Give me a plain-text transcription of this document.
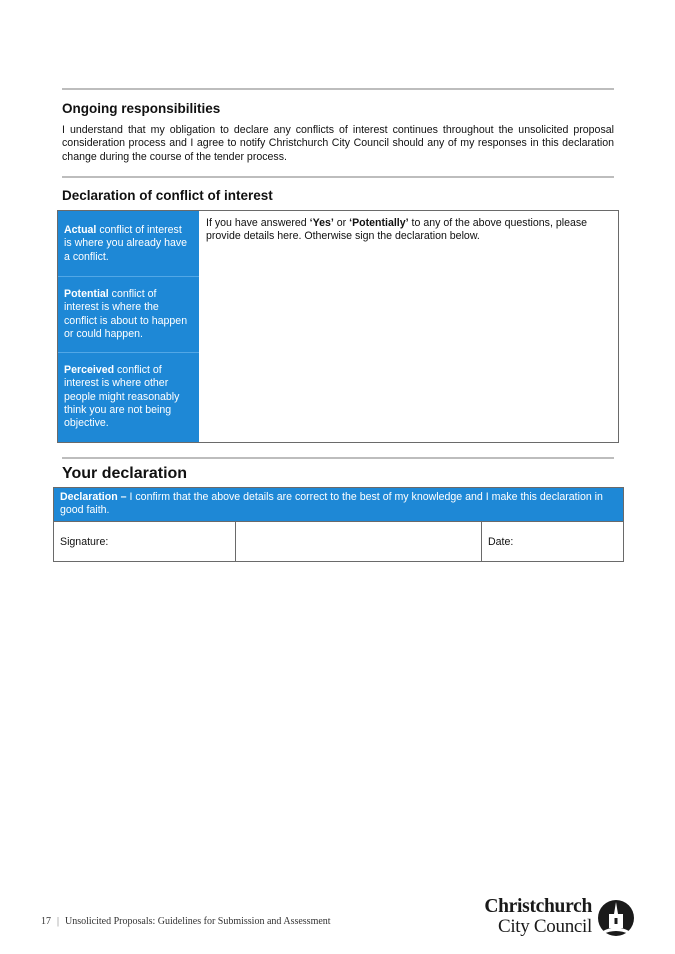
Ongoing responsibilities
I understand that my obligation to declare any conflicts of interest continues throughout the unsolicited proposal consideration process and I agree to notify Christchurch City Council should any of my responses in this declaration change during the course of the tender process.
Declaration of conflict of interest
Actual conflict of interest is where you already have a conflict.
Potential conflict of interest is where the conflict is about to happen or could happen.
Perceived conflict of interest is where other people might reasonably think you are not being objective.
If you have answered ‘Yes’ or ‘Potentially’ to any of the above questions, please provide details here. Otherwise sign the declaration below.
Your declaration
Declaration – I confirm that the above details are correct to the best of my knowledge and I make this declaration in good faith.
Signature:	Date:
17 | Unsolicited Proposals: Guidelines for Submission and Assessment
Christchurch
City Council
